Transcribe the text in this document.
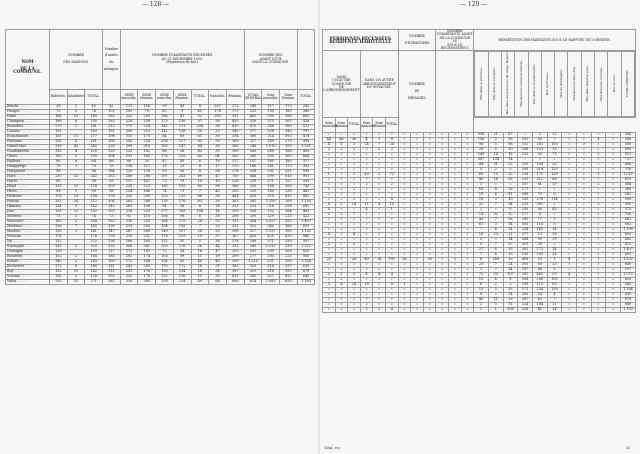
— 128 —
NOM

DE LA COMMUNE.	NOMBRE

DES MAISONS.			Nombre

d'unités

du

ménages.	NOMBRE D'HABITANTS RECENSÉS
AU 31 DÉCEMBRE 1900.
(Population de fait.)							NOMBRE DES
AYANT DÛTE
DANS LA COMMUNE.			
	Habitées.	Inhabitées.	TOTAL.		SEXE
masculin.	SEXE
féminin.	SEXE
masculin.	SEXE
féminin.	TOTAL.	Masculin.	Féminin.	TOTAL
GÉNÉRAL.	Sexe
masculin.	Sexe
féminin.	TOTAL.
Brecht . . . . .	26	1	40	42	111	116	99	49	8	367	172	349	117	173	243
Hoogst . . . . .	73	5	74	101	100	79	63	9	41	178	179	331	139	185	360
Hulle . . . . .	166	13	189	183	223	200	186	41	52	383	391	481	399	186	665
Champion . . . . .	188	8	195	183	224	158	173	136	57	58	455	339	313	261	428
Bruxelles . . . . .	279	2	281	312	170	254	343	273	206	38	830	470	346	360	511
Cannes . . . . .	152		150	151	209	210	142	138	20	33	340	377	338	343	797
Ecaussinnes . . . . .	155	21	277	196	315	175	64	89	61	39	354	380	314	393	474
Fontaine . . . . .	130	4	181	188	265	224	236	127	85	59	169	317	189	279	398
Grand-Mes . . . . .	338	45	345	228	308	316	305	147	84	36	388	346	1.010	390	1.021
Goudenbeek . . . . .	115	4	120	125	135	182	88	26	62	39	390	280	260	186	450
Gruss . . . . .	100	3	100	104	153	161	176	135	40	64	365	380	300	360	664
Halleux . . . . .	88	8	64	68	66	30	47	40	6	19	117	147	185	180	377
Hauppergo . . . . .	78	3	78	79	138	117	35	25	8	17	170	166	241	173	382
Hargimont . . . . .	98		98	164	129	126	99	39	4	58	278	258	291	251	590
Haro . . . . .	230	12	243	283	288	298	397	241	89	47	700	646	599	610	991
Harre . . . . .	95		96	93	157	147	73	79	10	19	226	216	171	127	359
Heyd . . . . .	153	21	174	109	235	223	165	105	65	56	368	350	268	385	745
Hives . . . . .	98	1	99	98	124	146	74	71	7	43	203	230	189	238	441
Hodister . . . . .	170	23	194	176	233	200	155	129	66	38	464	439	315	415	882
Hotton . . . . .	203	24	212	204	265	266	176	176	63	39	303	381	1.159	269	1.193
Humain . . . . .	134	9	142	145	265	196	94	36	8	14	333	333	318	358	692
Jeuc . . . . .	155	21	152	153	214	232	277	185	104	14	339	326	152	384	483
Melreux . . . . .	71	3	74	73	92	110	106	98	8	30	208	209	229	213	422
Marcourt . . . . .	180	3	184	183	230	235	164	175	28	53	332	364	1.027	393	1.497
Marenne . . . . .	136	7	143	136	229	205	104	108	7	29	331	315	340	386	693
Marloie . . . . .	133	3	141	147	267	249	149	107	28	23	308	317	1.137	390	1.152
Noiseux . . . . .	178		178	178	239	221	178	129	19	37	167	420	421	420	840
Ny . . . . .	122		122	136	168	165	151	92	5	38	278	296	371	330	597
Nassogne . . . . .	335	3	320	353	356	381	250	176	36	44	332	340	1.012	339	1.372
Oesbigne . . . . .	110		110	117	172	163	72	34	16	47	253	292	205	305	620
Rendeux . . . . .	102	2	104	160	261	174	103	99	11	19	299	277	293	223	583
Sohier . . . . .	140	3	143	160	172	146	154	83	48	46	399	1.225	231	390	1.184
Rochefort . . . . .	173	6	180	181	241	245	170	172	28	31	365	325	218	337	630
Roy . . . . .	132	10	142	112	231	176	126	134	16	36	387	351	318	393	679
Somme . . . . .	135	3	138	153	232	176	152	116	11	30	419	345	327	412	649
Waha . . . . .	255	25	271	381	330	383	195	224	49	68	806	614	1.083	620	1.183
— 129 —
PERSONNES RECENSÉES
RÉSIDENCE HABITUELLE	NOMBRE

D'ÉTRANGERS	NOMBRE
D'HABITANTS AYANT
DE LA COMMUNE
LE
SOUS LE RECENSEMENT.	RÉPARTITION DES HABITANTS SOUS LE RAPPORT DE L'ORIGINE.
DANS
UN'AUTRE COMMUNE
DE L'ARRONDISSEMENT	DANS UN AUTRE
ARRONDISSEMENT
DU ROYAUME.	NOMBRE

DE

MÉNAGES.			Nés dans la province.	Nés dans le royaume.	Nés dans les provinces de Liège, Namur.	Nés dans les autres provinces.	Nés dans le Grand-Duché.	Nés en France.	Nés en Allemagne.	Nés dans les Pays-Bas.	Nés dans d'autres pays.	Nés dans les colonies.	Nés en mer.	TOTAL GÉNÉRAL.

Sexe
masculin.	Sexe
féminin.	TOTAL.	Sexe
masculin.	Sexe
féminin.	TOTAL.
»	»	»	»	»	»	»	»	»	»	»	»	394	21	67	»	2	12	»	»	»	»	340
44	46	36	4	2	8	»	»	»	»	»	»	106	2	58	102	83	»	»	»	4	»	388
4	4	3	24	7	24	»	»	»	»	»	»	96	5	96	152	263	150	»	3	»	»	589
2	2	2	2	2	2	»	»	»	»	»	»	29	2	10	108	125	18	»	»	»	»	600
»	»	»	»	»	»	»	»	»	»	»	»	149	14	16	153	30	72	»	»	2	»	911
»	»	»	»	»	»	»	»	»	»	»	»	387	134	14	»	»	»	»	»	»	»	737
»	»	»	»	»	»	»	»	»	»	»	»	44	31	22	310	104	25	»	»	»	»	496
»	»	»	»	»	»	»	»	»	»	»	»	5	2	5	295	514	133	»	»	»	»	718
1	»	2	49	2	72	»	»	»	»	»	»	69	15	32	228	171	130	»	»	1	»	1.015
»	»	»	»	»	»	»	»	»	»	»	»	40	16	35	225	212	66	»	»	»	»	410
»	»	»	2	»	2	»	»	»	»	»	»	1	»	»	187	61	19	»	»	2	»	564
2	»	2	»	»	»	»	»	»	»	»	»	18	8	16	177	»	»	»	»	»	»	369
»	»	»	»	»	»	»	»	»	»	»	»	18	4	41	288	75	6	»	»	»	»	382
»	»	2	»	»	4	»	»	»	»	»	»	18	3	10	155	278	114	»	»	»	»	599
8	2	14	11	4	15	»	»	»	»	»	»	22	7	34	231	381	»	»	»	2	»	991
4	»	»	4	»	1	»	»	»	»	»	»	2	»	8	255	58	45	»	»	»	»	373
3	2	7	»	»	»	»	»	»	»	»	»	14	32	12	177	4	»	»	»	»	»	756
»	»	»	»	»	»	»	»	»	»	»	»	43	7	38	295	77	2	»	»	»	»	441
»	»	»	»	»	»	»	»	»	»	»	»	61	3	14	581	118	5	»	»	»	»	882
»	»	»	»	»	»	»	»	»	»	»	»	7	4	14	234	162	14	»	»	»	»	1.190
4	»	4	»	2	»	»	»	»	»	»	»	16	23	21	377	12	38	»	»	»	»	692
»	»	»	»	»	»	»	»	»	»	»	»	3	»	14	304	95	25	»	»	»	»	483
2	»	2	»	»	»	»	»	»	»	»	»	9	7	37	201	28	»	»	»	»	»	422
»	»	»	»	»	»	»	»	»	»	»	»	37	6	33	302	172	14	»	»	»	»	1.497
»	»	»	»	»	»	»	»	»	»	»	»	7	4	35	130	200	26	»	»	»	»	693
25	»	26	49	14	101	26	»	30	»	3	»	8	148	16	458	23	1	4	»	1	»	1.152
»	»	»	»	»	»	»	»	»	»	»	»	25	7	24	381	69	25	»	»	»	»	840
»	»	»	»	»	»	»	»	»	»	»	»	3	»	34	187	68	5	»	»	»	»	597
3	2	3	4	4	4	»	»	»	»	»	»	72	35	107	267	462	93	4	»	»	»	1.372
»	2	»	»	»	»	»	»	»	»	»	»	12	4	8	208	256	105	»	»	»	»	620
3	4	24	18	»	8	1	»	»	»	»	»	6	2	2	189	115	65	»	»	»	»	583
»	»	»	»	»	»	»	»	»	»	»	»	13	5	35	171	234	139	»	»	»	»	1.184
»	»	»	»	»	»	»	»	»	»	»	»	8	»	34	305	34	4	»	»	»	»	630
»	»	»	»	»	»	»	»	»	»	»	»	40	11	39	267	43	7	»	»	»	»	679
»	»	»	2	»	»	»	»	»	»	»	»	2	5	11	324	184	11	»	»	»	»	649
»	»	»	2	2	4	»	»	»	»	»	»	1	1	308	228	41	24	»	»	»	»	1.183
Total, etc.	33
